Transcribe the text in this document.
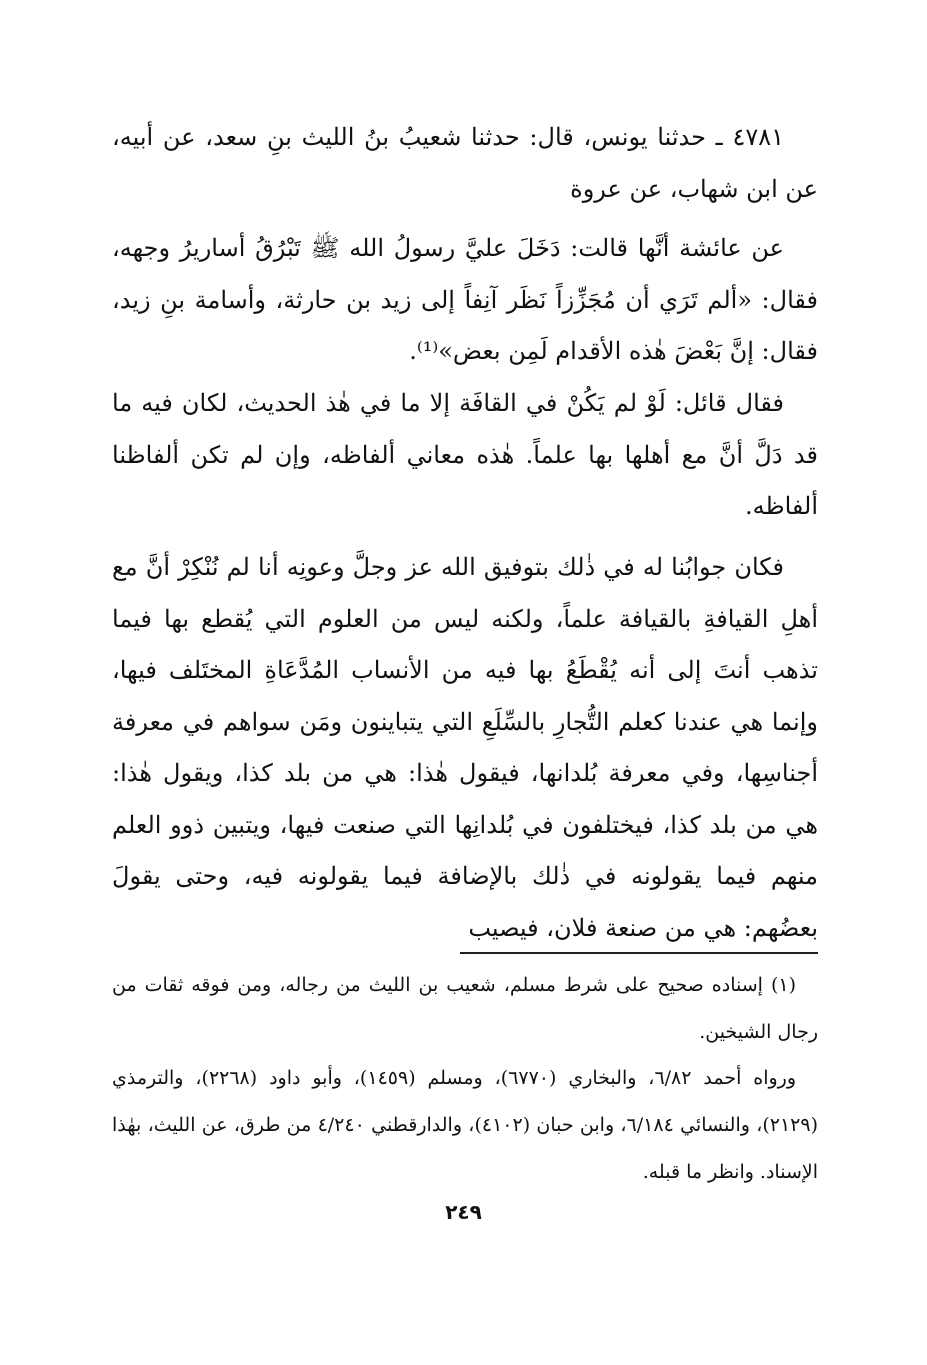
٤٧٨١ ـ حدثنا يونس، قال: حدثنا شعيبُ بنُ الليث بنِ سعد، عن أبيه، عن ابن شهاب، عن عروة

عن عائشة أنَّها قالت: دَخَلَ عليَّ رسولُ الله ﷺ تَبْرُقُ أساريرُ وجهه، فقال: «ألم تَرَي أن مُجَزِّزاً نَظَر آنِفاً إلى زيد بن حارثة، وأسامة بنِ زيد، فقال: إنَّ بَعْضَ هٰذه الأقدام لَمِن بعض»⁽¹⁾.

فقال قائل: لَوْ لم يَكُنْ في القافَة إلا ما في هٰذ الحديث، لكان فيه ما قد دَلَّ أنَّ مع أهلها بها علماً. هٰذه معاني ألفاظه، وإن لم تكن ألفاظنا ألفاظه.

فكان جوابُنا له في ذٰلك بتوفيق الله عز وجلَّ وعونِه أنا لم نُنْكِرْ أنَّ مع أهلِ القيافةِ بالقيافة علماً، ولكنه ليس من العلوم التي يُقطع بها فيما تذهب أنتَ إلى أنه يُقْطَعُ بها فيه من الأنساب المُدَّعَاةِ المختَلف فيها، وإنما هي عندنا كعلم التُّجارِ بالسِّلَعِ التي يتباينون ومَن سواهم في معرفة أجناسِها، وفي معرفة بُلدانها، فيقول هٰذا: هي من بلد كذا، ويقول هٰذا: هي من بلد كذا، فيختلفون في بُلدانِها التي صنعت فيها، ويتبين ذوو العلم منهم فيما يقولونه في ذٰلك بالإضافة فيما يقولونه فيه، وحتى يقولَ بعضُهم: هي من صنعة فلان، فيصيب

(١) إسناده صحيح على شرط مسلم، شعيب بن الليث من رجاله، ومن فوقه ثقات من رجال الشيخين.

ورواه أحمد ٦/٨٢، والبخاري (٦٧٧٠)، ومسلم (١٤٥٩)، وأبو داود (٢٢٦٨)، والترمذي (٢١٢٩)، والنسائي ٦/١٨٤، وابن حبان (٤١٠٢)، والدارقطني ٤/٢٤٠ من طرق، عن الليث، بهٰذا الإسناد. وانظر ما قبله.

٢٤٩
